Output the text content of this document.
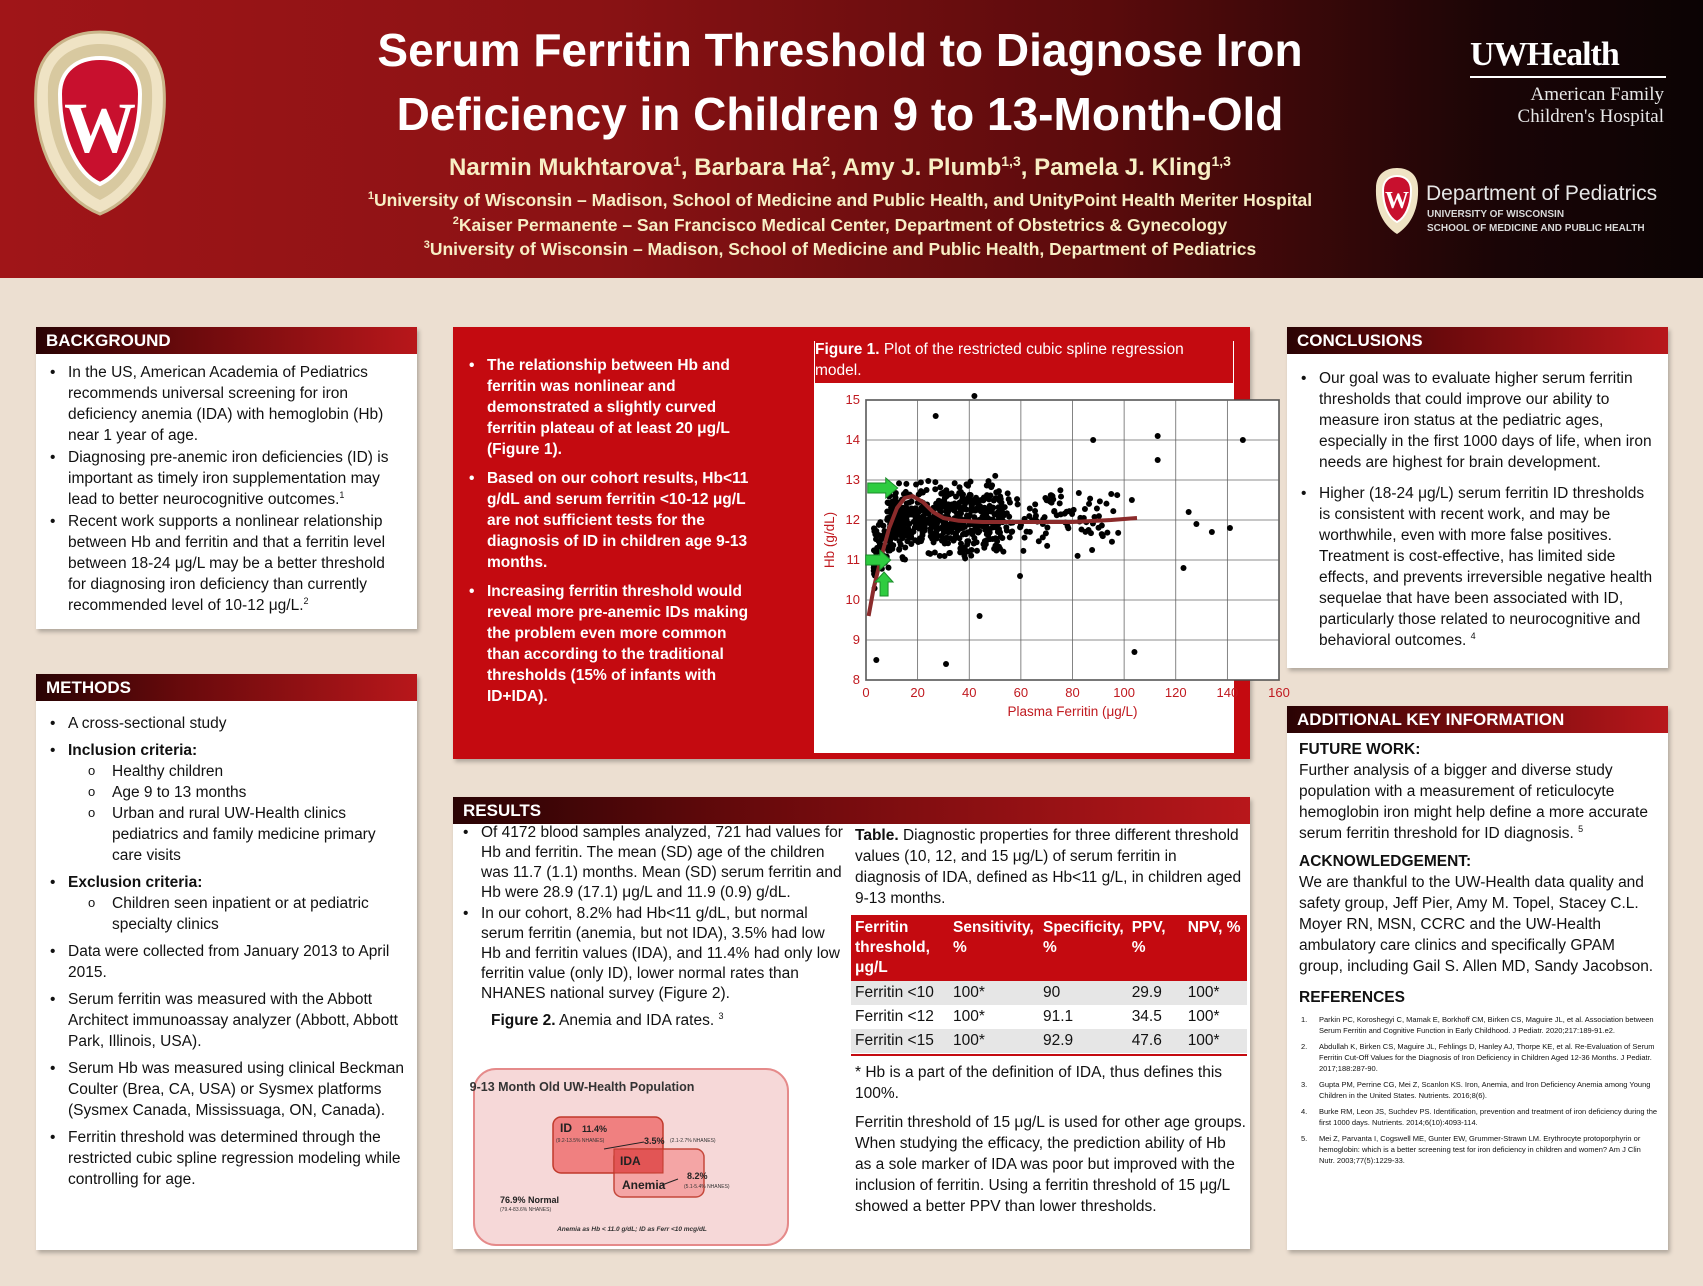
W
Serum Ferritin Threshold to Diagnose Iron
Deficiency in Children 9 to 13-Month-Old
Narmin Mukhtarova$^1$, Barbara Ha$^2$, Amy J. Plumb$^{1,3}$, Pamela J. Kling$^{1,3}$
$^1$University of Wisconsin – Madison, School of Medicine and Public Health, and UnityPoint Health Meriter Hospital
$^2$Kaiser Permanente – San Francisco Medical Center, Department of Obstetrics & Gynecology
$^3$University of Wisconsin – Madison, School of Medicine and Public Health, Department of Pediatrics
UWHealth
American Family
Children's Hospital
W Department of Pediatrics
UNIVERSITY OF WISCONSIN
SCHOOL OF MEDICINE AND PUBLIC HEALTH
BACKGROUND
• In the US, American Academia of Pediatrics recommends universal screening for iron deficiency anemia (IDA) with hemoglobin (Hb) near 1 year of age.
• Diagnosing pre-anemic iron deficiencies (ID) is important as timely iron supplementation may lead to better neurocognitive outcomes.$^1$
• Recent work supports a nonlinear relationship between Hb and ferritin and that a ferritin level between 18-24 μg/L may be a better threshold for diagnosing iron deficiency than currently recommended level of 10-12 μg/L.$^2$
METHODS
• A cross-sectional study
• Inclusion criteria:
o Healthy children
o Age 9 to 13 months
o Urban and rural UW-Health clinics pediatrics and family medicine primary care visits
• Exclusion criteria:
o Children seen inpatient or at pediatric specialty clinics
• Data were collected from January 2013 to April 2015.
• Serum ferritin was measured with the Abbott Architect immunoassay analyzer (Abbott, Abbott Park, Illinois, USA).
• Serum Hb was measured using clinical Beckman Coulter (Brea, CA, USA) or Sysmex platforms (Sysmex Canada, Mississuaga, ON, Canada).
• Ferritin threshold was determined through the restricted cubic spline regression modeling while controlling for age.
• The relationship between Hb and ferritin was nonlinear and demonstrated a slightly curved ferritin plateau of at least 20 μg/L (Figure 1).
• Based on our cohort results, Hb<11 g/dL and serum ferritin <10-12 μg/L are not sufficient tests for the diagnosis of ID in children age 9-13 months.
• Increasing ferritin threshold would reveal more pre-anemic IDs making the problem even more common than according to the traditional thresholds (15% of infants with ID+IDA).
Figure 1. Plot of the restricted cubic spline regression model.
0	20	40	60	80	100 120 140 160
8
9
10
11
12
13
14
15
Plasma Ferritin (μg/L)
Hb (g/dL)
RESULTS
• Of 4172 blood samples analyzed, 721 had values for Hb and ferritin. The mean (SD) age of the children was 11.7 (1.1) months. Mean (SD) serum ferritin and Hb were 28.9 (17.1) μg/L and 11.9 (0.9) g/dL.
• In our cohort, 8.2% had Hb<11 g/dL, but normal serum ferritin (anemia, but not IDA), 3.5% had low Hb and ferritin values (IDA), and 11.4% had only low ferritin value (only ID), lower normal rates than NHANES national survey (Figure 2).
Figure 2. Anemia and IDA rates. $^3$
9-13 Month Old UW-Health Population
ID 11.4%
(9.2-13.5% NHANES)
IDA
3.5% (2.1-2.7% NHANES)
Anemia
8.2%
(5.1-5.4% NHANES)
76.9% Normal
(79.4-83.6% NHANES)
Anemia as Hb < 11.0 g/dL; ID as Ferr <10 mcg/dL
Table. Diagnostic properties for three different threshold values (10, 12, and 15 μg/L) of serum ferritin in diagnosis of IDA, defined as Hb<11 g/L, in children aged 9-13 months.
Ferritin threshold, μg/L	Sensitivity, %	Specificity, %	PPV, %	NPV, %
Ferritin <10	100*	90	29.9	100*
Ferritin <12	100*	91.1	34.5	100*
Ferritin <15	100*	92.9	47.6	100*
* Hb is a part of the definition of IDA, thus defines this 100%.
Ferritin threshold of 15 μg/L is used for other age groups. When studying the efficacy, the prediction ability of Hb as a sole marker of IDA was poor but improved with the inclusion of ferritin. Using a ferritin threshold of 15 μg/L showed a better PPV than lower thresholds.
CONCLUSIONS
• Our goal was to evaluate higher serum ferritin thresholds that could improve our ability to measure iron status at the pediatric ages, especially in the first 1000 days of life, when iron needs are highest for brain development.
• Higher (18-24 μg/L) serum ferritin ID thresholds is consistent with recent work, and may be worthwhile, even with more false positives. Treatment is cost-effective, has limited side effects, and prevents irreversible negative health sequelae that have been associated with ID, particularly those related to neurocognitive and behavioral outcomes. $^4$
ADDITIONAL KEY INFORMATION
FUTURE WORK:
Further analysis of a bigger and diverse study population with a measurement of reticulocyte hemoglobin iron might help define a more accurate serum ferritin threshold for ID diagnosis. $^5$
ACKNOWLEDGEMENT:
We are thankful to the UW-Health data quality and safety group, Jeff Pier, Amy M. Topel, Stacey C.L. Moyer RN, MSN, CCRC and the UW-Health ambulatory care clinics and specifically GPAM group, including Gail S. Allen MD, Sandy Jacobson.
REFERENCES
1. Parkin PC, Koroshegyi C, Mamak E, Borkhoff CM, Birken CS, Maguire JL, et al. Association between Serum Ferritin and Cognitive Function in Early Childhood. J Pediatr. 2020;217:189-91.e2.
2. Abdullah K, Birken CS, Maguire JL, Fehlings D, Hanley AJ, Thorpe KE, et al. Re-Evaluation of Serum Ferritin Cut-Off Values for the Diagnosis of Iron Deficiency in Children Aged 12-36 Months. J Pediatr. 2017;188:287-90.
3. Gupta PM, Perrine CG, Mei Z, Scanlon KS. Iron, Anemia, and Iron Deficiency Anemia among Young Children in the United States. Nutrients. 2016;8(6).
4. Burke RM, Leon JS, Suchdev PS. Identification, prevention and treatment of iron deficiency during the first 1000 days. Nutrients. 2014;6(10):4093-114.
5. Mei Z, Parvanta I, Cogswell ME, Gunter EW, Grummer-Strawn LM. Erythrocyte protoporphyrin or hemoglobin: which is a better screening test for iron deficiency in children and women? Am J Clin Nutr. 2003;77(5):1229-33.
